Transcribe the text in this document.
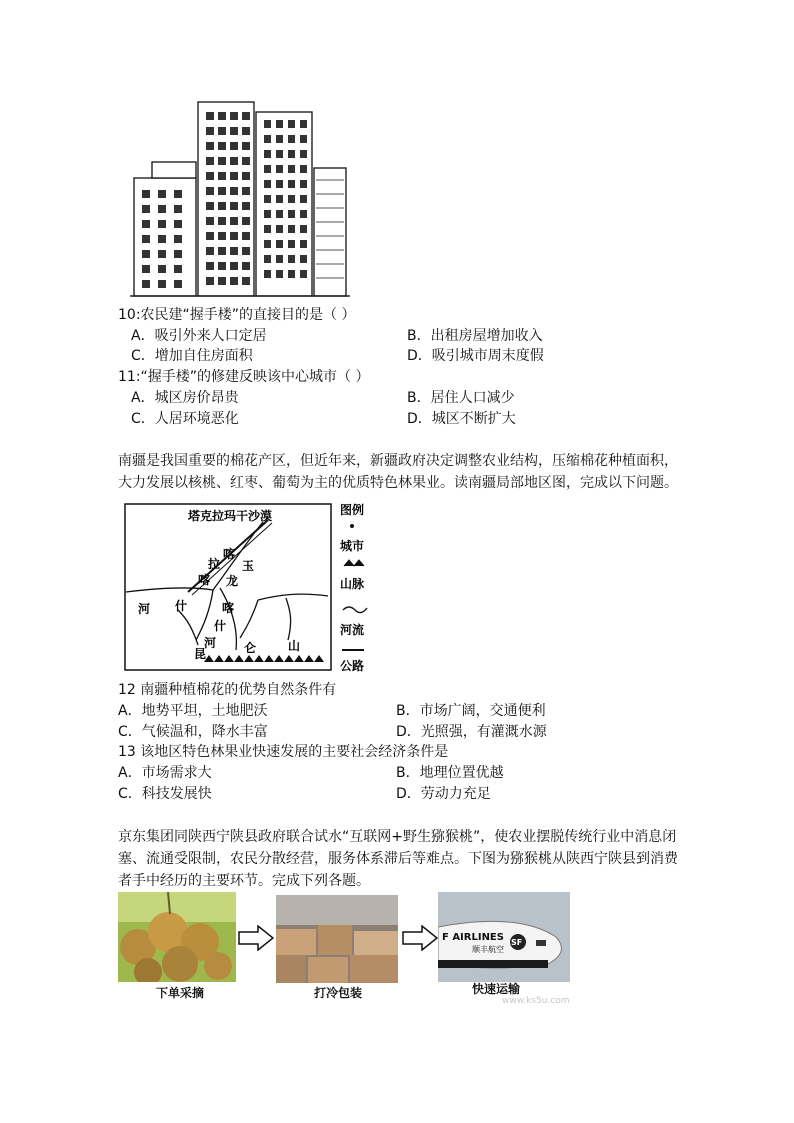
10:农民建“握手楼”的直接目的是（ ）
A．吸引外来人口定居	B．出租房屋增加收入
C．增加自住房面积	D．吸引城市周末度假
11:“握手楼”的修建反映该中心城市（ ）
A．城区房价昂贵	B．居住人口减少
C．人居环境恶化	D．城区不断扩大
南疆是我国重要的棉花产区，但近年来，新疆政府决定调整农业结构，压缩棉花种植面积，大力发展以核桃、红枣、葡萄为主的优质特色林果业。读南疆局部地区图，完成以下问题。
塔克拉玛干沙漠
喀
玉
龙
拉
喀
河 什	喀
什
河
昆	仑	山
图例
城市
山脉
河流
公路
12 南疆种植棉花的优势自然条件有
A．地势平坦，土地肥沃	B．市场广阔，交通便利
C．气候温和，降水丰富	D．光照强，有灌溉水源
13 该地区特色林果业快速发展的主要社会经济条件是
A．市场需求大	B．地理位置优越
C．科技发展快	D．劳动力充足
京东集团同陕西宁陕县政府联合试水“互联网+野生猕猴桃”，使农业摆脱传统行业中消息闭塞、流通受限制，农民分散经营，服务体系滞后等难点。下图为猕猴桃从陕西宁陕县到消费者手中经历的主要环节。完成下列各题。
F AIRLINES
顺丰航空
SF
下单采摘	打冷包装	快速运输
www.ks5u.com
